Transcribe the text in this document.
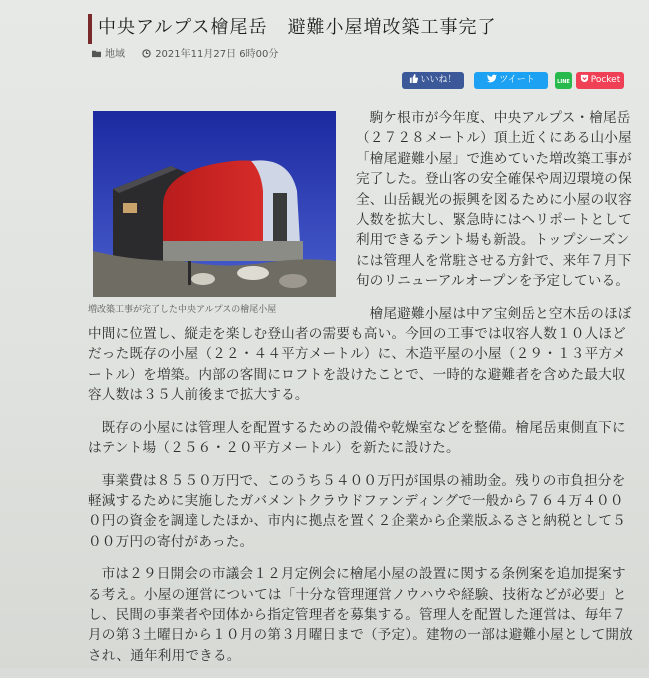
中央アルプス檜尾岳 避難小屋増改築工事完了
地域	2021年11月27日 6時00分
いいね！	ツイート	LINE	Pocket
増改築工事が完了した中央アルプスの檜尾小屋

駒ケ根市が今年度、中央アルプス・檜尾岳（２７２８メートル）頂上近くにある山小屋「檜尾避難小屋」で進めていた増改築工事が完了した。登山客の安全確保や周辺環境の保全、山岳観光の振興を図るために小屋の収容人数を拡大し、緊急時にはヘリポートとして利用できるテント場も新設。トップシーズンには管理人を常駐させる方針で、来年７月下旬のリニューアルオープンを予定している。

檜尾避難小屋は中ア宝剣岳と空木岳のほぼ中間に位置し、縦走を楽しむ登山者の需要も高い。今回の工事では収容人数１０人ほどだった既存の小屋（２２・４４平方メートル）に、木造平屋の小屋（２９・１３平方メートル）を増築。内部の客間にロフトを設けたことで、一時的な避難者を含めた最大収容人数は３５人前後まで拡大する。

既存の小屋には管理人を配置するための設備や乾燥室などを整備。檜尾岳東側直下にはテント場（２５６・２０平方メートル）を新たに設けた。

事業費は８５５０万円で、このうち５４００万円が国県の補助金。残りの市負担分を軽減するために実施したガバメントクラウドファンディングで一般から７６４万４０００円の資金を調達したほか、市内に拠点を置く２企業から企業版ふるさと納税として５００万円の寄付があった。

市は２９日開会の市議会１２月定例会に檜尾小屋の設置に関する条例案を追加提案する考え。小屋の運営については「十分な管理運営ノウハウや経験、技術などが必要」とし、民間の事業者や団体から指定管理者を募集する。管理人を配置した運営は、毎年７月の第３土曜日から１０月の第３月曜日まで（予定）。建物の一部は避難小屋として開放され、通年利用できる。
